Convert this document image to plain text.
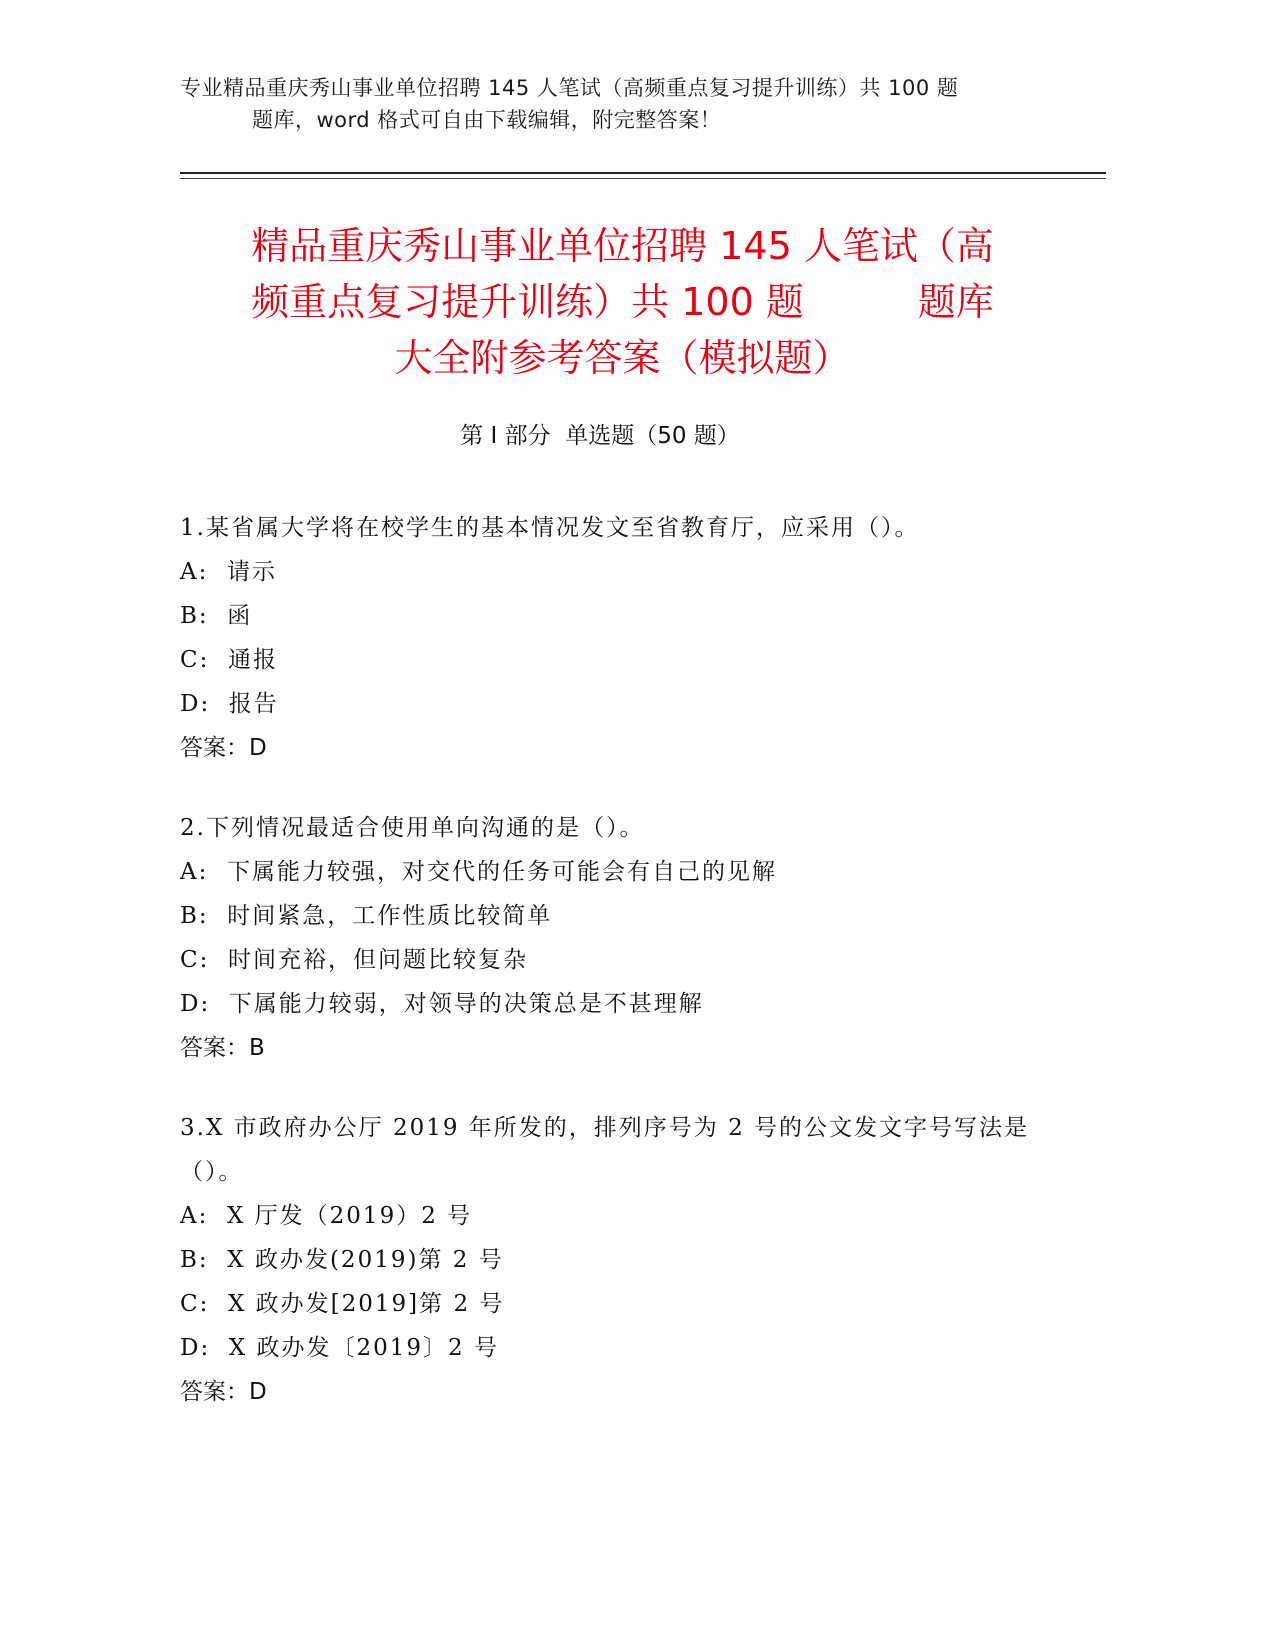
专业精品重庆秀山事业单位招聘 145 人笔试（高频重点复习提升训练）共 100 题
题库，word 格式可自由下载编辑，附完整答案！
精品重庆秀山事业单位招聘 145 人笔试（高
频重点复习提升训练）共 100 题　　　题库
大全附参考答案（模拟题）
第 I 部分  单选题（50 题）
1.某省属大学将在校学生的基本情况发文至省教育厅，应采用（）。
A:  请示
B:  函
C:  通报
D:  报告
答案：D
2.下列情况最适合使用单向沟通的是（）。
A:  下属能力较强，对交代的任务可能会有自己的见解
B:  时间紧急，工作性质比较简单
C:  时间充裕，但问题比较复杂
D:  下属能力较弱，对领导的决策总是不甚理解
答案：B
3.X 市政府办公厅 2019 年所发的，排列序号为 2 号的公文发文字号写法是（）。
A:  X 厅发（2019）2 号
B:  X 政办发(2019)第 2 号
C:  X 政办发[2019]第 2 号
D:  X 政办发〔2019〕2 号
答案：D
